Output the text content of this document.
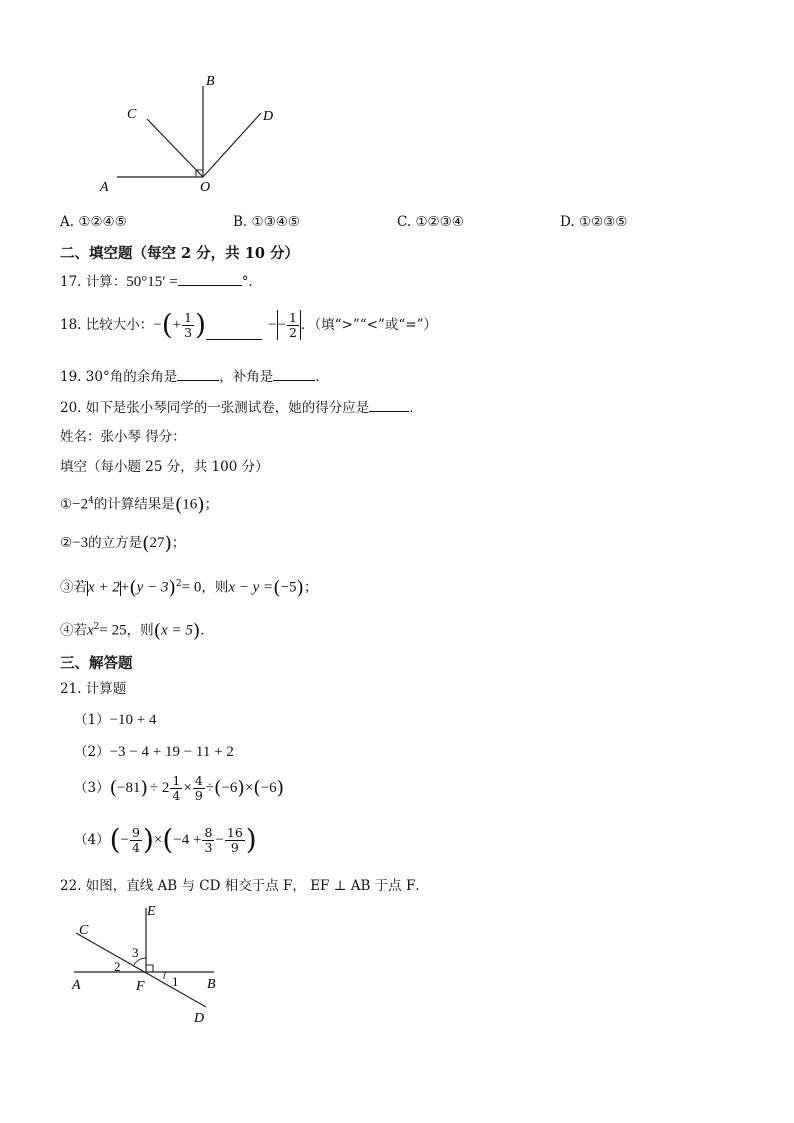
B
C	D
A	O
A. ①②④⑤	B. ①③④⑤	C. ①②③④	D. ①②③⑤
二、填空题（每空 2 分，共 10 分）
17. 计算：50°15′ =	°．
18. 比较大小： − ( + $\frac{1}{3}$ )	− − $\frac{1}{2}$ ．（填“>”“<”或“=”）
19. 30°角的余角是	，补角是	．
20. 如下是张小琴同学的一张测试卷，她的得分应是	．
姓名：张小琴 得分：
填空（每小题 25 分，共 100 分）
$①-2^4$的计算结果是(16)；
②−3的立方是(27)；
③若$x + 2+(y - 3)^2= 0$，则x − y =(−5)；
④若$x^2= 25$，则(x = 5)．
三、解答题
21. 计算题
（1）−10 + 4
（2）−3 − 4 + 19 − 11 + 2
（3） ( −81 ) ÷ $2 \frac{1}{4} \times \frac{4}{9}$ ÷ ( −6 ) × ( −6 )
（4） ( − $\frac{9}{4}$ ) × ( $-4 + \frac{8}{3} - \frac{16}{9}$ )
22. 如图，直线 AB 与 CD 相交于点 F， EF ⊥ AB 于点 F．
E
C
3
2
1
A	F	B
D
